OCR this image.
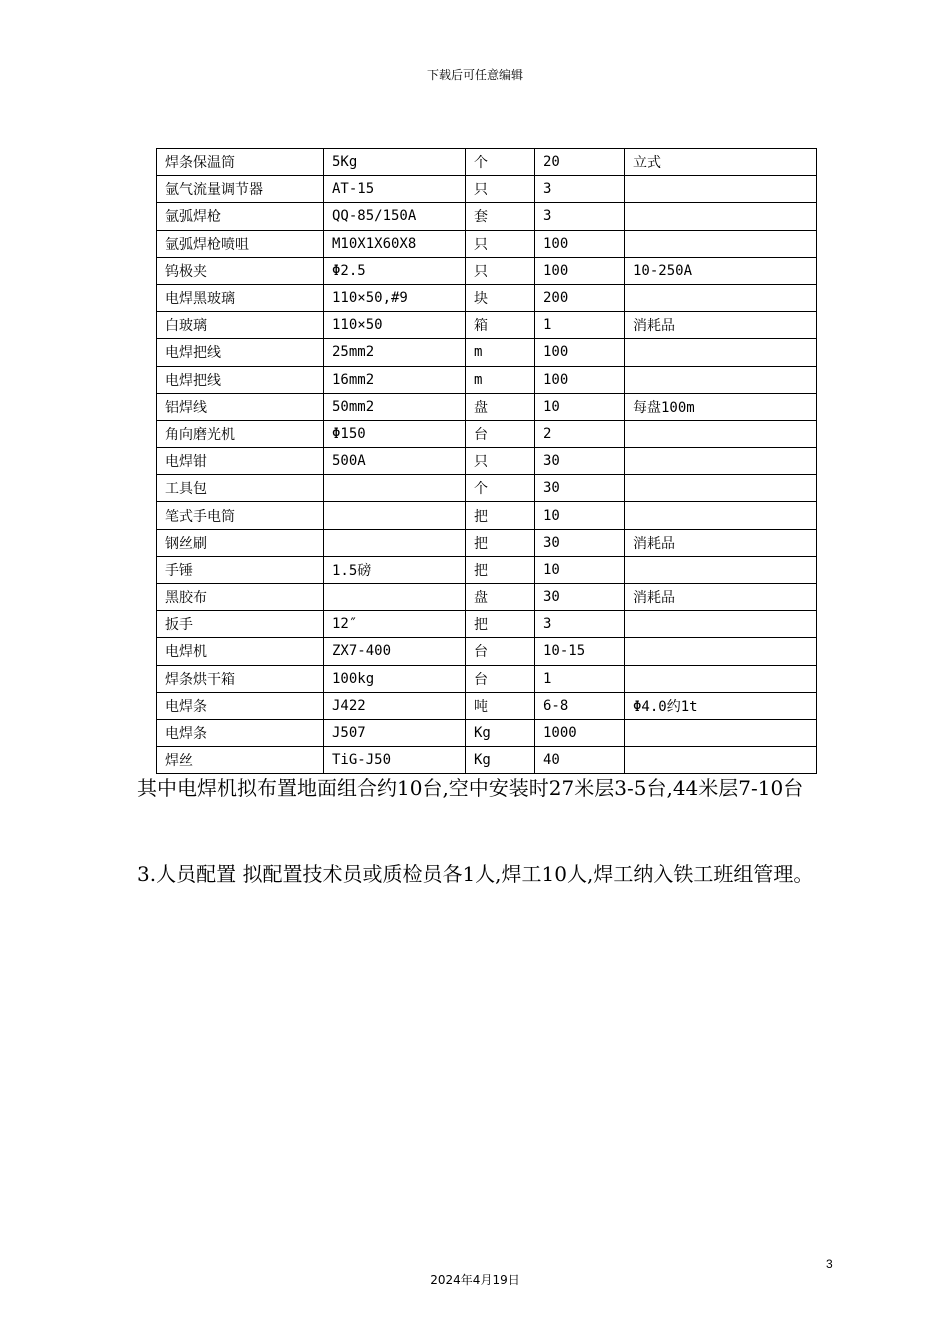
下载后可任意编辑
焊条保温筒	5Kg	个	20	立式
氩气流量调节器	AT-15	只	3	
氩弧焊枪	QQ-85/150A	套	3	
氩弧焊枪喷咀	M10X1X60X8	只	100	
钨极夹	Φ2.5	只	100	10-250A
电焊黑玻璃	110×50,#9	块	200	
白玻璃	110×50	箱	1	消耗品
电焊把线	25mm2	m	100	
电焊把线	16mm2	m	100	
铝焊线	50mm2	盘	10	每盘100m
角向磨光机	Φ150	台	2	
电焊钳	500A	只	30	
工具包		个	30	
笔式手电筒		把	10	
钢丝刷		把	30	消耗品
手锤	1.5磅	把	10	
黑胶布		盘	30	消耗品
扳手	12″	把	3	
电焊机	ZX7-400	台	10-15	
焊条烘干箱	100kg	台	1	
电焊条	J422	吨	6-8	Φ4.0约1t
电焊条	J507	Kg	1000	
焊丝	TiG-J50	Kg	40	
其中电焊机拟布置地面组合约10台,空中安装时27米层3-5台,44米层7-10台
3.人员配置 拟配置技术员或质检员各1人,焊工10人,焊工纳入铁工班组管理。
3
2024年4月19日
